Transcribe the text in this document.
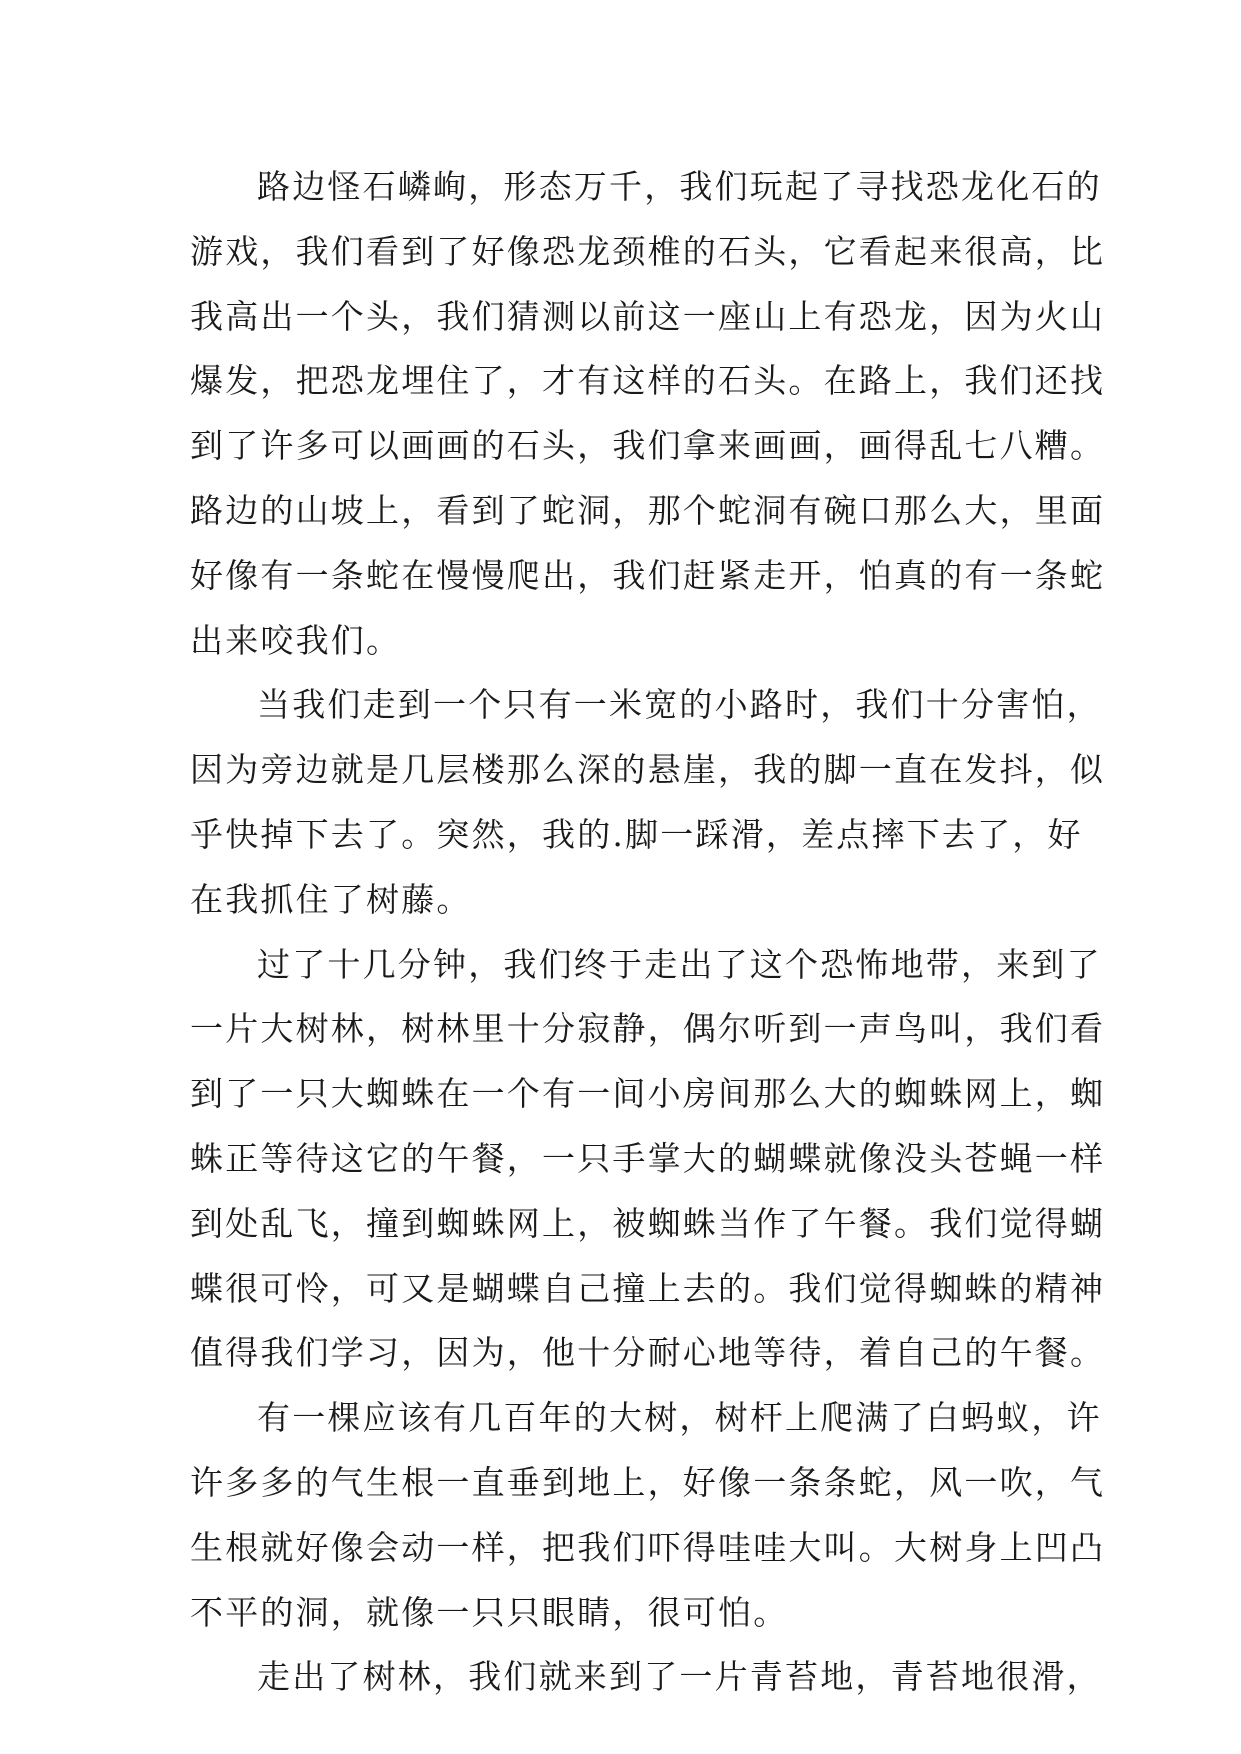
路边怪石嶙峋，形态万千，我们玩起了寻找恐龙化石的
游戏，我们看到了好像恐龙颈椎的石头，它看起来很高，比
我高出一个头，我们猜测以前这一座山上有恐龙，因为火山
爆发，把恐龙埋住了，才有这样的石头。在路上，我们还找
到了许多可以画画的石头，我们拿来画画，画得乱七八糟。
路边的山坡上，看到了蛇洞，那个蛇洞有碗口那么大，里面
好像有一条蛇在慢慢爬出，我们赶紧走开，怕真的有一条蛇
出来咬我们。
当我们走到一个只有一米宽的小路时，我们十分害怕，
因为旁边就是几层楼那么深的悬崖，我的脚一直在发抖，似
乎快掉下去了。突然，我的.脚一踩滑，差点摔下去了，好
在我抓住了树藤。
过了十几分钟，我们终于走出了这个恐怖地带，来到了
一片大树林，树林里十分寂静，偶尔听到一声鸟叫，我们看
到了一只大蜘蛛在一个有一间小房间那么大的蜘蛛网上，蜘
蛛正等待这它的午餐，一只手掌大的蝴蝶就像没头苍蝇一样
到处乱飞，撞到蜘蛛网上，被蜘蛛当作了午餐。我们觉得蝴
蝶很可怜，可又是蝴蝶自己撞上去的。我们觉得蜘蛛的精神
值得我们学习，因为，他十分耐心地等待，着自己的午餐。
有一棵应该有几百年的大树，树杆上爬满了白蚂蚁，许
许多多的气生根一直垂到地上，好像一条条蛇，风一吹，气
生根就好像会动一样，把我们吓得哇哇大叫。大树身上凹凸
不平的洞，就像一只只眼睛，很可怕。
走出了树林，我们就来到了一片青苔地，青苔地很滑，
